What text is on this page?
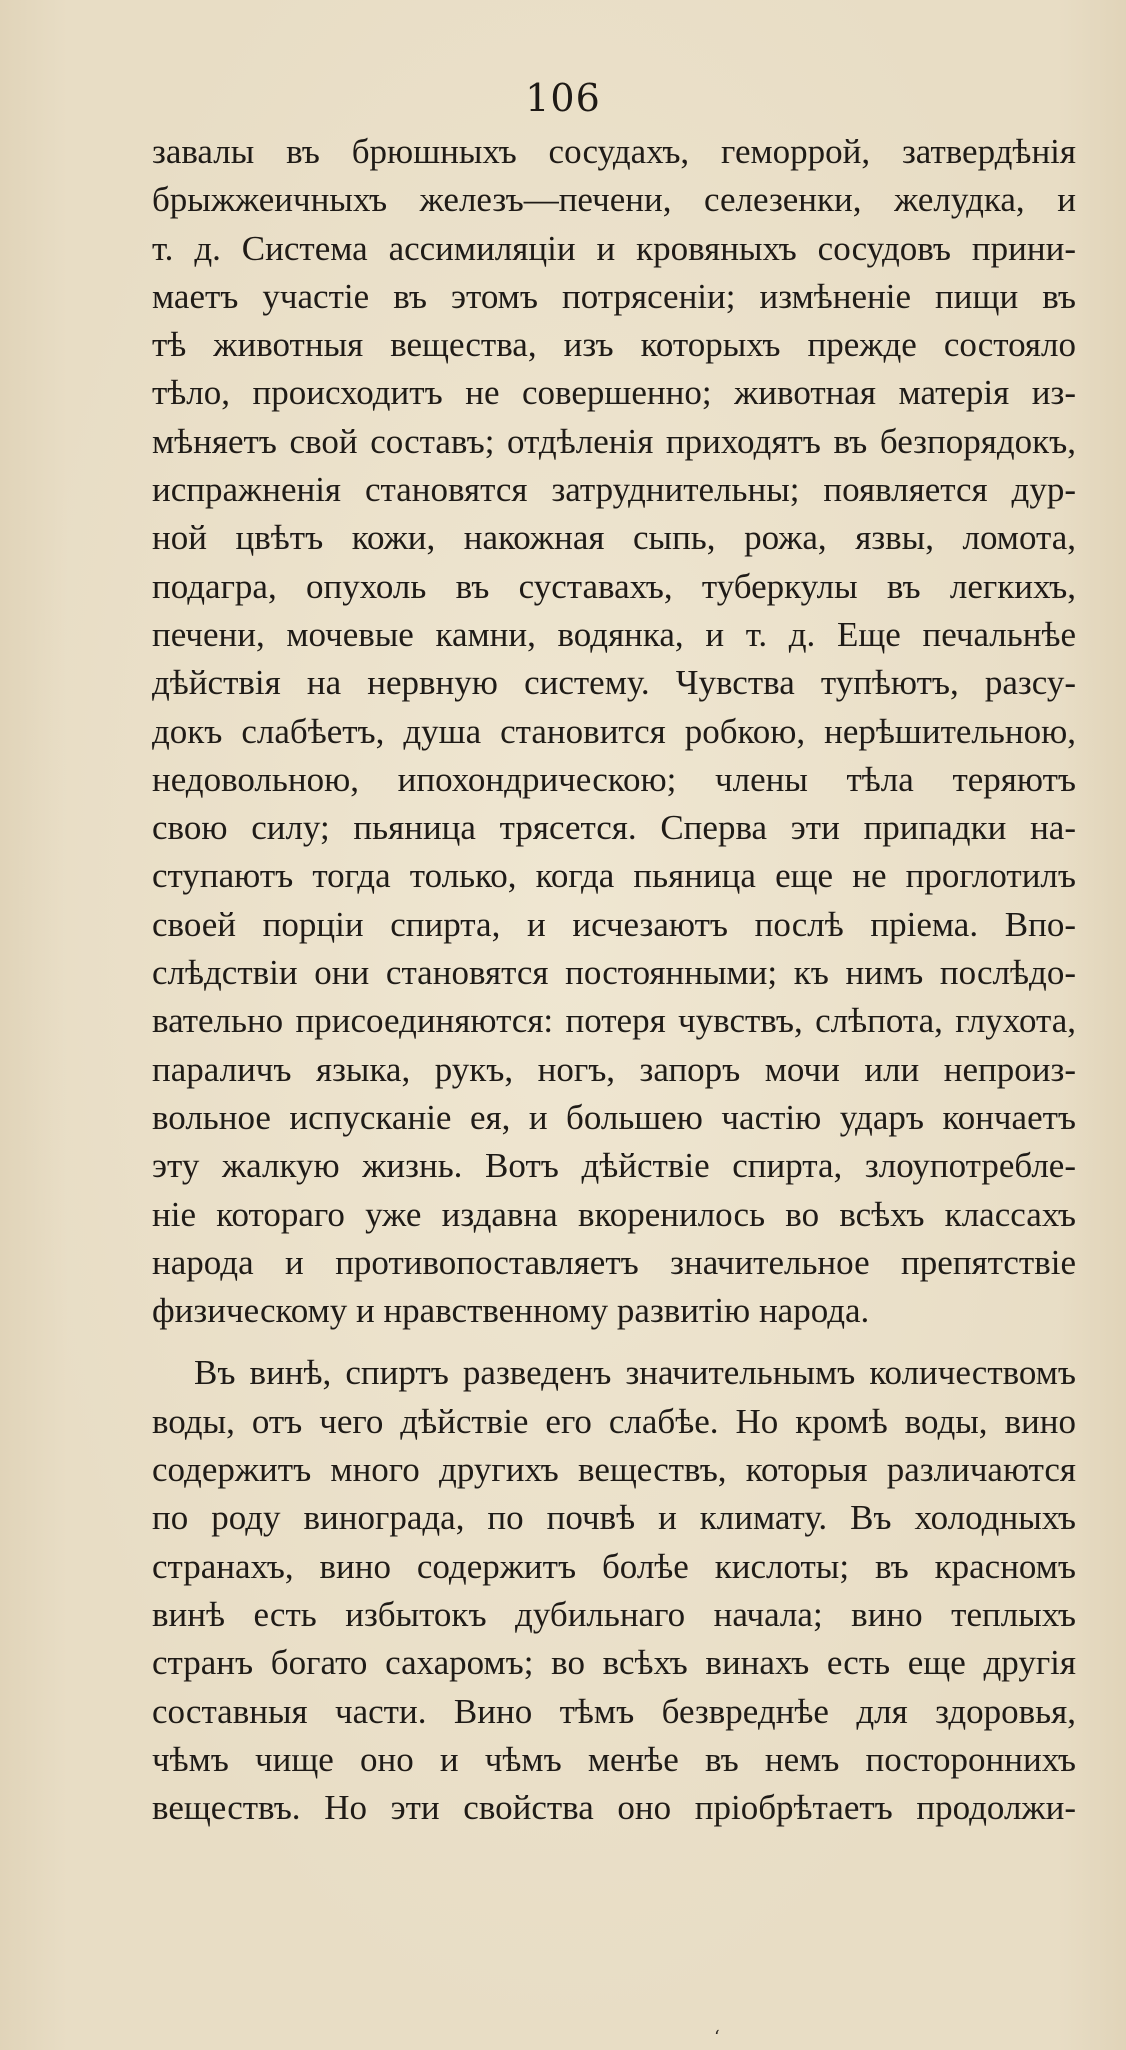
106
завалы въ брюшныхъ сосудахъ, геморрой, затвердѣнія
брыжжеичныхъ железъ—печени, селезенки, желудка, и
т. д. Система ассимиляціи и кровяныхъ сосудовъ прини-
маетъ участіе въ этомъ потрясеніи; измѣненіе пищи въ
тѣ животныя вещества, изъ которыхъ прежде состояло
тѣло, происходитъ не совершенно; животная матерія из-
мѣняетъ свой составъ; отдѣленія приходятъ въ безпорядокъ,
испражненія становятся затруднительны; появляется дур-
ной цвѣтъ кожи, накожная сыпь, рожа, язвы, ломота,
подагра, опухоль въ суставахъ, туберкулы въ легкихъ,
печени, мочевые камни, водянка, и т. д. Еще печальнѣе
дѣйствія на нервную систему. Чувства тупѣютъ, разсу-
докъ слабѣетъ, душа становится робкою, нерѣшительною,
недовольною, ипохондрическою; члены тѣла теряютъ
свою силу; пьяница трясется. Сперва эти припадки на-
ступаютъ тогда только, когда пьяница еще не проглотилъ
своей порціи спирта, и исчезаютъ послѣ пріема. Впо-
слѣдствіи они становятся постоянными; къ нимъ послѣдо-
вательно присоединяются: потеря чувствъ, слѣпота, глухота,
параличъ языка, рукъ, ногъ, запоръ мочи или непроиз-
вольное испусканіе ея, и большею частію ударъ кончаетъ
эту жалкую жизнь. Вотъ дѣйствіе спирта, злоупотребле-
ніе котораго уже издавна вкоренилось во всѣхъ классахъ
народа и противопоставляетъ значительное препятствіе
физическому и нравственному развитію народа.
Въ винѣ, спиртъ разведенъ значительнымъ количествомъ
воды, отъ чего дѣйствіе его слабѣе. Но кромѣ воды, вино
содержитъ много другихъ веществъ, которыя различаются
по роду винограда, по почвѣ и климату. Въ холодныхъ
странахъ, вино содержитъ болѣе кислоты; въ красномъ
винѣ есть избытокъ дубильнаго начала; вино теплыхъ
странъ богато сахаромъ; во всѣхъ винахъ есть еще другія
составныя части. Вино тѣмъ безвреднѣе для здоровья,
чѣмъ чище оно и чѣмъ менѣе въ немъ постороннихъ
веществъ. Но эти свойства оно пріобрѣтаетъ продолжи-
‘
